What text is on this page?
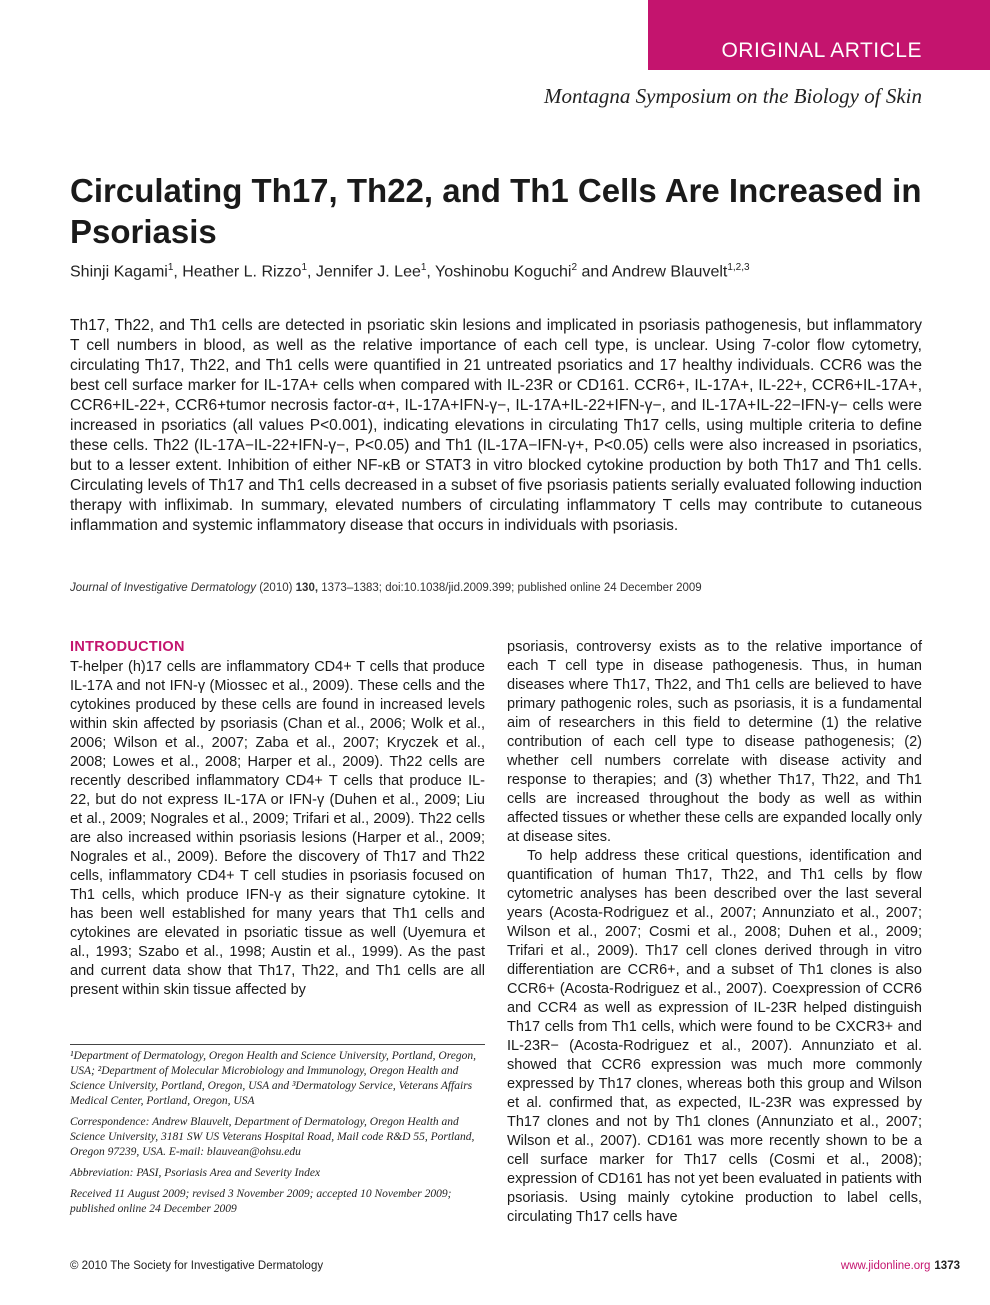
ORIGINAL ARTICLE
Montagna Symposium on the Biology of Skin
Circulating Th17, Th22, and Th1 Cells Are Increased in Psoriasis
Shinji Kagami$^1$, Heather L. Rizzo$^1$, Jennifer J. Lee$^1$, Yoshinobu Koguchi$^2$ and Andrew Blauvelt$^{1,2,3}$
Th17, Th22, and Th1 cells are detected in psoriatic skin lesions and implicated in psoriasis pathogenesis, but inflammatory T cell numbers in blood, as well as the relative importance of each cell type, is unclear. Using 7-color flow cytometry, circulating Th17, Th22, and Th1 cells were quantified in 21 untreated psoriatics and 17 healthy individuals. CCR6 was the best cell surface marker for IL-17A+ cells when compared with IL-23R or CD161. CCR6+, IL-17A+, IL-22+, CCR6+IL-17A+, CCR6+IL-22+, CCR6+tumor necrosis factor-α+, IL-17A+IFN-γ−, IL-17A+IL-22+IFN-γ−, and IL-17A+IL-22−IFN-γ− cells were increased in psoriatics (all values P<0.001), indicating elevations in circulating Th17 cells, using multiple criteria to define these cells. Th22 (IL-17A−IL-22+IFN-γ−, P<0.05) and Th1 (IL-17A−IFN-γ+, P<0.05) cells were also increased in psoriatics, but to a lesser extent. Inhibition of either NF-κB or STAT3 in vitro blocked cytokine production by both Th17 and Th1 cells. Circulating levels of Th17 and Th1 cells decreased in a subset of five psoriasis patients serially evaluated following induction therapy with infliximab. In summary, elevated numbers of circulating inflammatory T cells may contribute to cutaneous inflammation and systemic inflammatory disease that occurs in individuals with psoriasis.
Journal of Investigative Dermatology (2010) 130, 1373–1383; doi:10.1038/jid.2009.399; published online 24 December 2009
INTRODUCTION

T-helper (h)17 cells are inflammatory CD4+ T cells that produce IL-17A and not IFN-γ (Miossec et al., 2009). These cells and the cytokines produced by these cells are found in increased levels within skin affected by psoriasis (Chan et al., 2006; Wolk et al., 2006; Wilson et al., 2007; Zaba et al., 2007; Kryczek et al., 2008; Lowes et al., 2008; Harper et al., 2009). Th22 cells are recently described inflammatory CD4+ T cells that produce IL-22, but do not express IL-17A or IFN-γ (Duhen et al., 2009; Liu et al., 2009; Nograles et al., 2009; Trifari et al., 2009). Th22 cells are also increased within psoriasis lesions (Harper et al., 2009; Nograles et al., 2009). Before the discovery of Th17 and Th22 cells, inflammatory CD4+ T cell studies in psoriasis focused on Th1 cells, which produce IFN-γ as their signature cytokine. It has been well established for many years that Th1 cells and cytokines are elevated in psoriatic tissue as well (Uyemura et al., 1993; Szabo et al., 1998; Austin et al., 1999). As the past and current data show that Th17, Th22, and Th1 cells are all present within skin tissue affected by

¹Department of Dermatology, Oregon Health and Science University, Portland, Oregon, USA; ²Department of Molecular Microbiology and Immunology, Oregon Health and Science University, Portland, Oregon, USA and ³Dermatology Service, Veterans Affairs Medical Center, Portland, Oregon, USA

Correspondence: Andrew Blauvelt, Department of Dermatology, Oregon Health and Science University, 3181 SW US Veterans Hospital Road, Mail code R&D 55, Portland, Oregon 97239, USA. E-mail: blauvean@ohsu.edu

Abbreviation: PASI, Psoriasis Area and Severity Index

Received 11 August 2009; revised 3 November 2009; accepted 10 November 2009; published online 24 December 2009

psoriasis, controversy exists as to the relative importance of each T cell type in disease pathogenesis. Thus, in human diseases where Th17, Th22, and Th1 cells are believed to have primary pathogenic roles, such as psoriasis, it is a fundamental aim of researchers in this field to determine (1) the relative contribution of each cell type to disease pathogenesis; (2) whether cell numbers correlate with disease activity and response to therapies; and (3) whether Th17, Th22, and Th1 cells are increased throughout the body as well as within affected tissues or whether these cells are expanded locally only at disease sites.

To help address these critical questions, identification and quantification of human Th17, Th22, and Th1 cells by flow cytometric analyses has been described over the last several years (Acosta-Rodriguez et al., 2007; Annunziato et al., 2007; Wilson et al., 2007; Cosmi et al., 2008; Duhen et al., 2009; Trifari et al., 2009). Th17 cell clones derived through in vitro differentiation are CCR6+, and a subset of Th1 clones is also CCR6+ (Acosta-Rodriguez et al., 2007). Coexpression of CCR6 and CCR4 as well as expression of IL-23R helped distinguish Th17 cells from Th1 cells, which were found to be CXCR3+ and IL-23R− (Acosta-Rodriguez et al., 2007). Annunziato et al. showed that CCR6 expression was much more commonly expressed by Th17 clones, whereas both this group and Wilson et al. confirmed that, as expected, IL-23R was expressed by Th17 clones and not by Th1 clones (Annunziato et al., 2007; Wilson et al., 2007). CD161 was more recently shown to be a cell surface marker for Th17 cells (Cosmi et al., 2008); expression of CD161 has not yet been evaluated in patients with psoriasis. Using mainly cytokine production to label cells, circulating Th17 cells have

© 2010 The Society for Investigative Dermatology	www.jidonline.org 1373
